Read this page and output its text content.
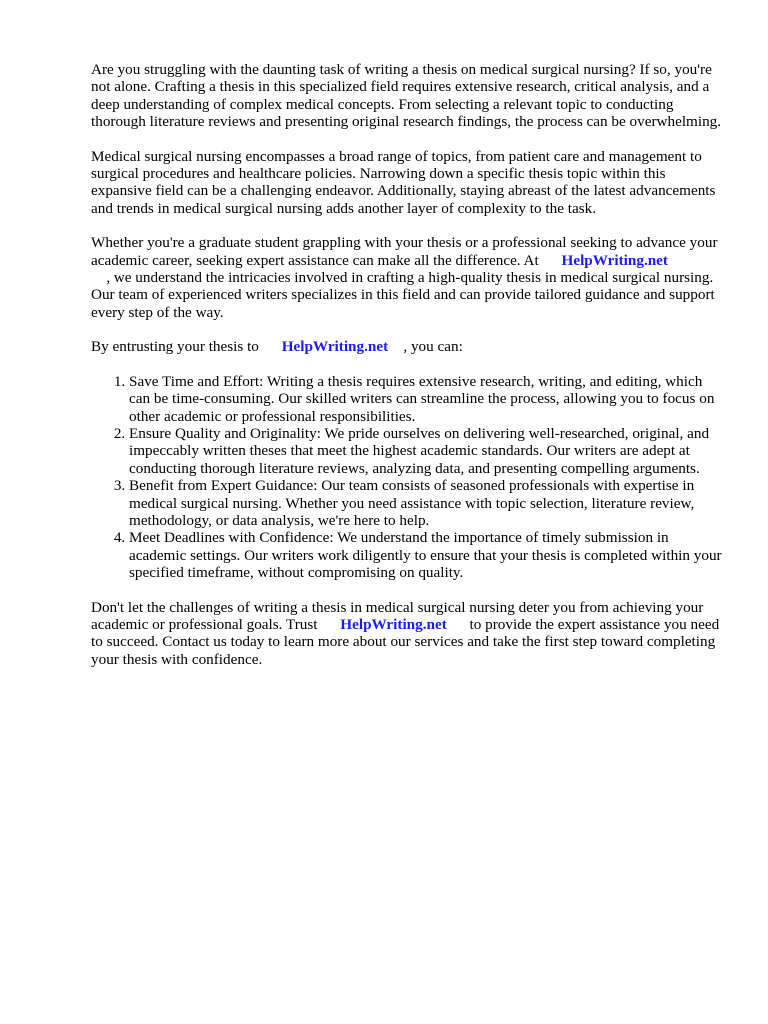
Are you struggling with the daunting task of writing a thesis on medical surgical nursing? If so, you're not alone. Crafting a thesis in this specialized field requires extensive research, critical analysis, and a deep understanding of complex medical concepts. From selecting a relevant topic to conducting thorough literature reviews and presenting original research findings, the process can be overwhelming.

Medical surgical nursing encompasses a broad range of topics, from patient care and management to surgical procedures and healthcare policies. Narrowing down a specific thesis topic within this expansive field can be a challenging endeavor. Additionally, staying abreast of the latest advancements and trends in medical surgical nursing adds another layer of complexity to the task.

Whether you're a graduate student grappling with your thesis or a professional seeking to advance your academic career, seeking expert assistance can make all the difference. At HelpWriting.net
, we understand the intricacies involved in crafting a high-quality thesis in medical surgical nursing. Our team of experienced writers specializes in this field and can provide tailored guidance and support every step of the way.

By entrusting your thesis to HelpWriting.net , you can:

1. Save Time and Effort: Writing a thesis requires extensive research, writing, and editing, which can be time-consuming. Our skilled writers can streamline the process, allowing you to focus on other academic or professional responsibilities.
2. Ensure Quality and Originality: We pride ourselves on delivering well-researched, original, and impeccably written theses that meet the highest academic standards. Our writers are adept at conducting thorough literature reviews, analyzing data, and presenting compelling arguments.
3. Benefit from Expert Guidance: Our team consists of seasoned professionals with expertise in medical surgical nursing. Whether you need assistance with topic selection, literature review, methodology, or data analysis, we're here to help.
4. Meet Deadlines with Confidence: We understand the importance of timely submission in academic settings. Our writers work diligently to ensure that your thesis is completed within your specified timeframe, without compromising on quality.

Don't let the challenges of writing a thesis in medical surgical nursing deter you from achieving your academic or professional goals. Trust HelpWriting.net to provide the expert assistance you need to succeed. Contact us today to learn more about our services and take the first step toward completing your thesis with confidence.
